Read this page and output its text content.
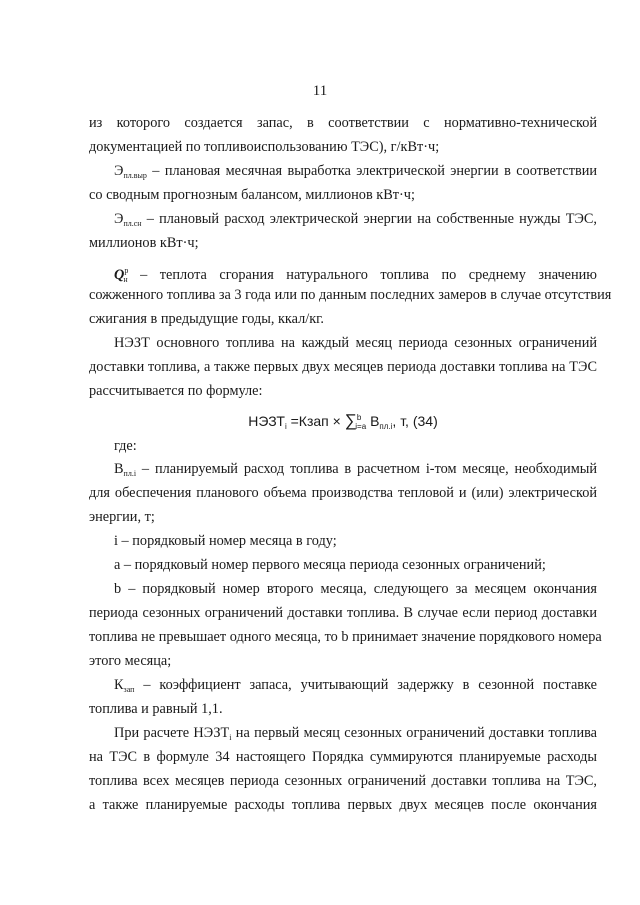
11
из которого создается запас, в соответствии с нормативно-технической
документацией по топливоиспользованию ТЭС), г/кВт·ч;
$Э_{пл.выр}$ – плановая месячная выработка электрической энергии в соответствии
со сводным прогнозным балансом, миллионов кВт·ч;
$Э_{пл.сн}$ – плановый расход электрической энергии на собственные нужды ТЭС,
миллионов кВт·ч;
$Q^р_н$ – теплота сгорания натурального топлива по среднему значению
сожженного топлива за 3 года или по данным последних замеров в случае отсутствия
сжигания в предыдущие годы, ккал/кг.
НЭЗТ основного топлива на каждый месяц периода сезонных ограничений
доставки топлива, а также первых двух месяцев периода доставки топлива на ТЭС
рассчитывается по формуле:
$НЭЗТ_i$ =Кзап × ∑$^b_{i=a}$ $В_{пл.i}$, т, (34)
где:
$В_{пл.i}$ – планируемый расход топлива в расчетном i-том месяце, необходимый
для обеспечения планового объема производства тепловой и (или) электрической
энергии, т;
i – порядковый номер месяца в году;
а – порядковый номер первого месяца периода сезонных ограничений;
b – порядковый номер второго месяца, следующего за месяцем окончания
периода сезонных ограничений доставки топлива. В случае если период доставки
топлива не превышает одного месяца, то b принимает значение порядкового номера
этого месяца;
$К_{зап}$ – коэффициент запаса, учитывающий задержку в сезонной поставке
топлива и равный 1,1.
При расчете $НЭЗТ_i$ на первый месяц сезонных ограничений доставки топлива
на ТЭС в формуле 34 настоящего Порядка суммируются планируемые расходы
топлива всех месяцев периода сезонных ограничений доставки топлива на ТЭС,
а также планируемые расходы топлива первых двух месяцев после окончания
